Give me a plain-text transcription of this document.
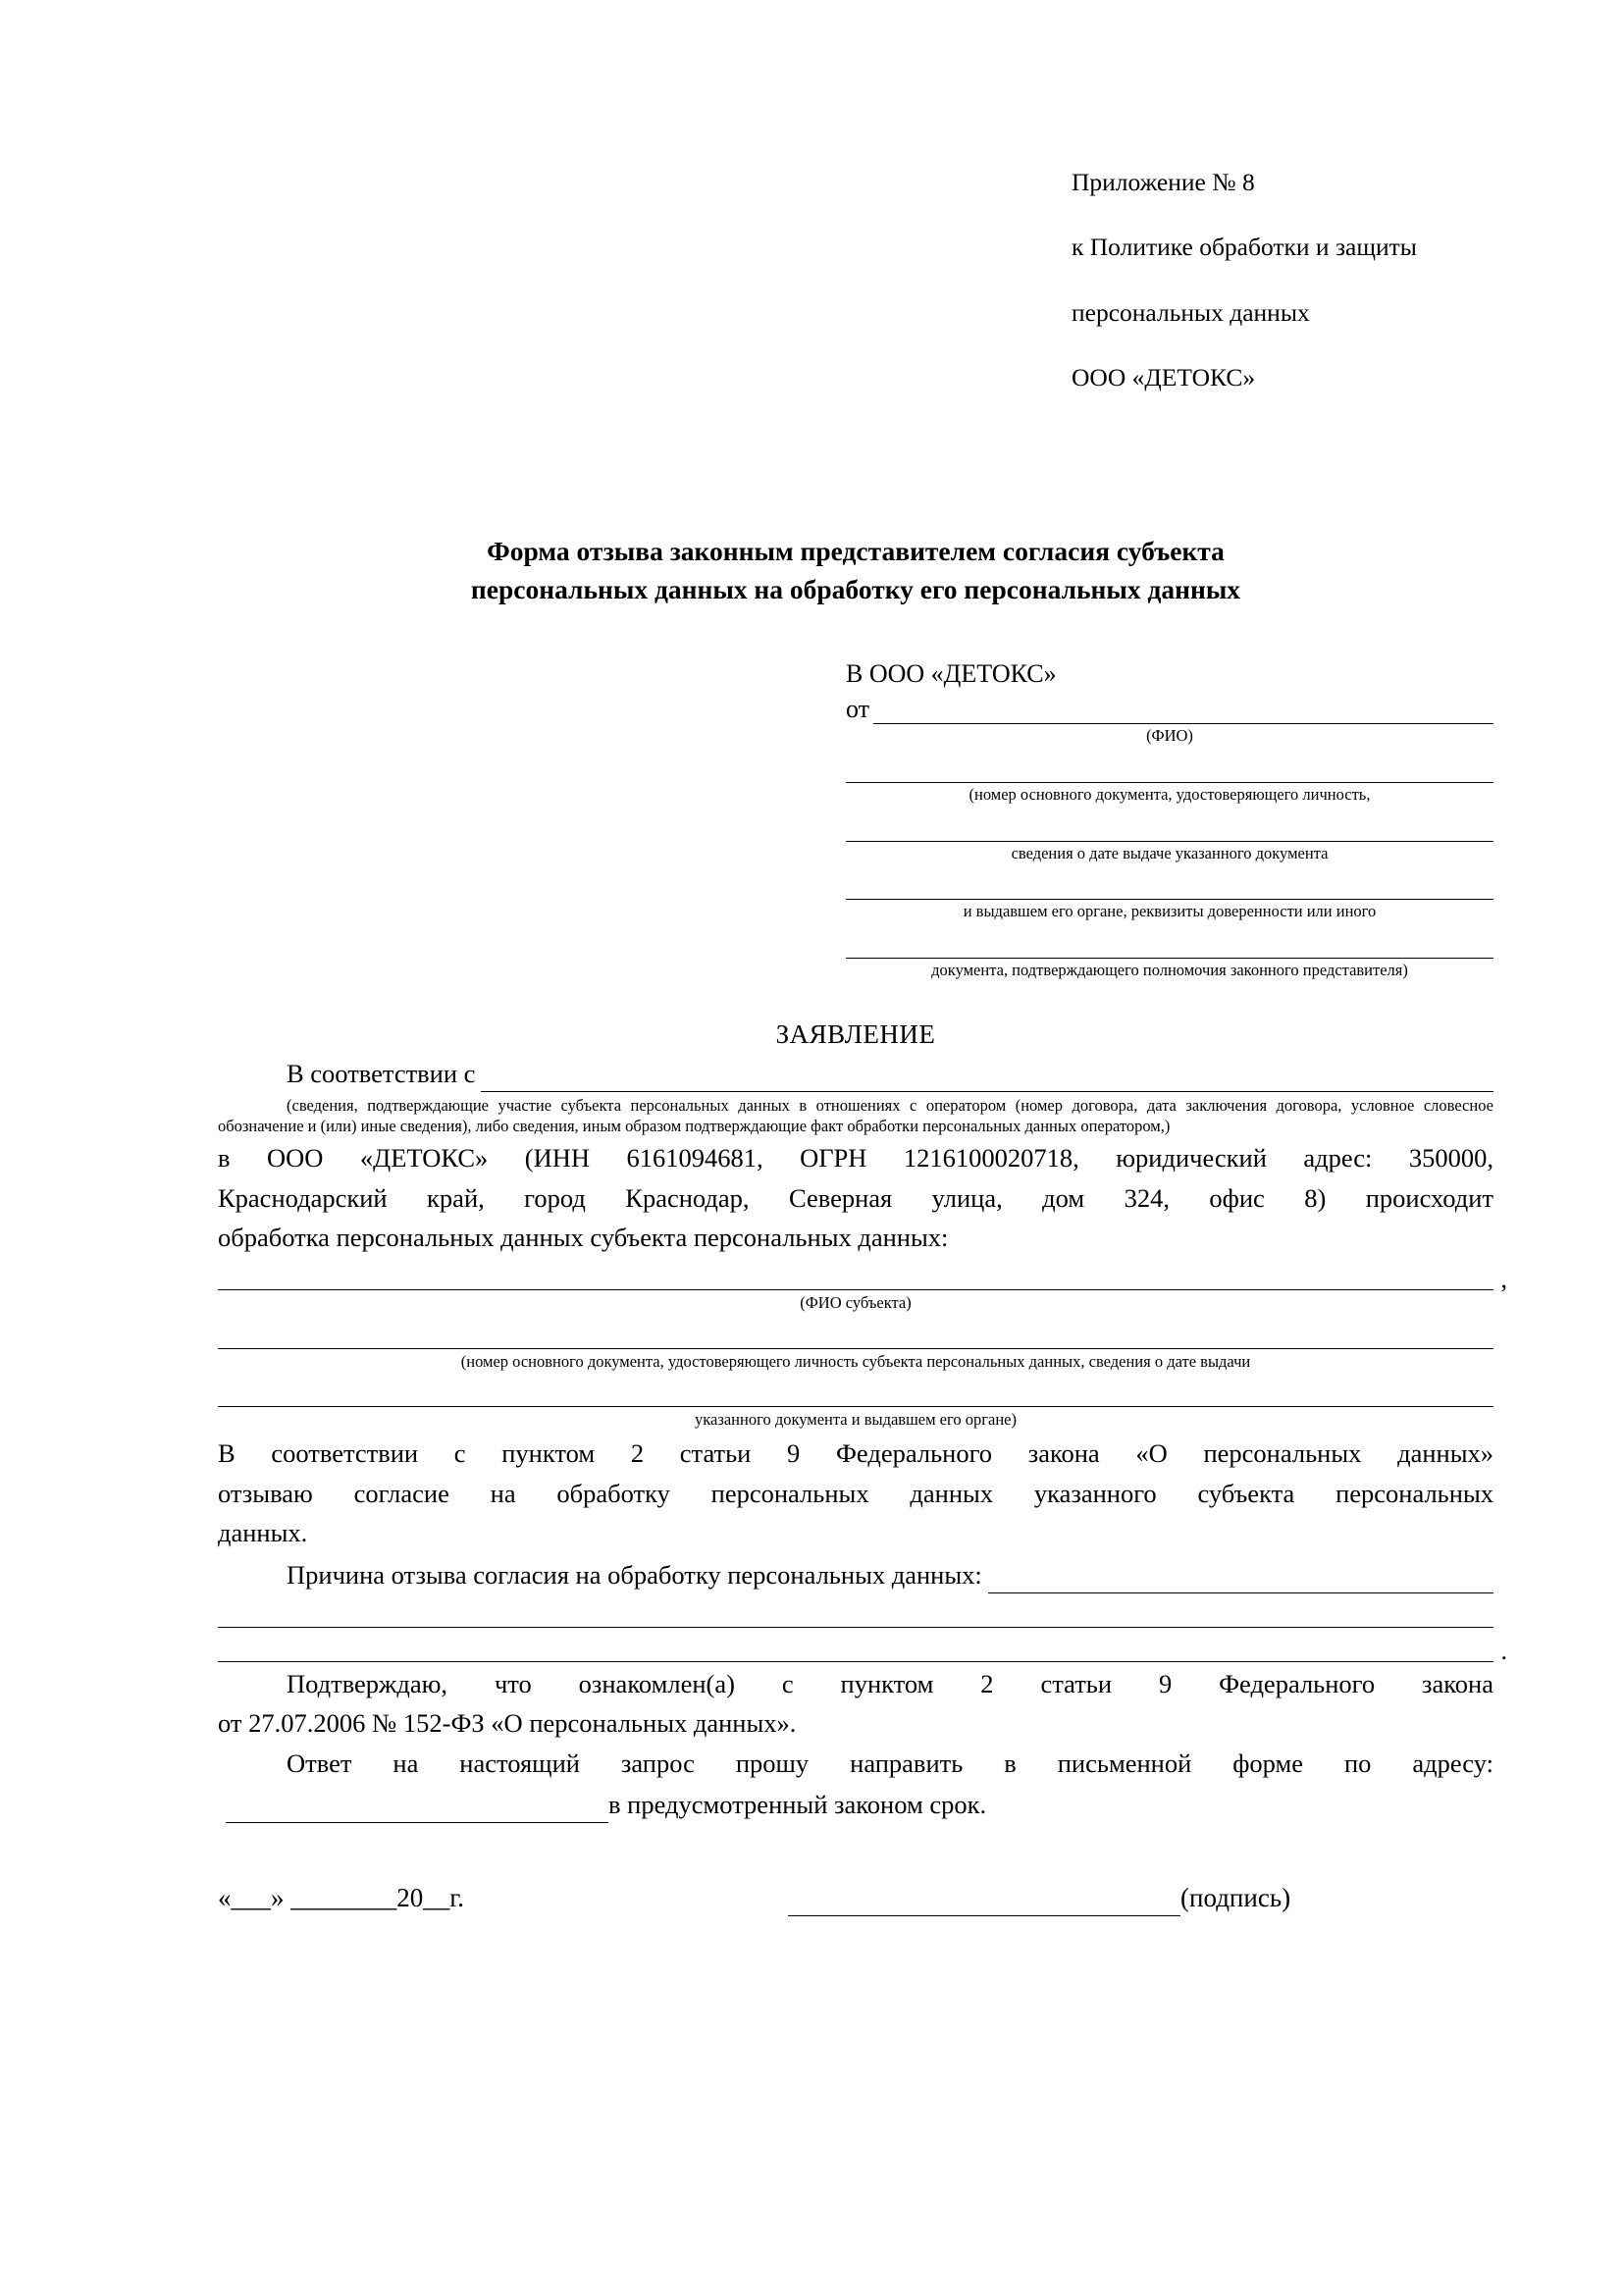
Приложение № 8

к Политике обработки и защиты

персональных данных

ООО «ДЕТОКС»

Форма отзыва законным представителем согласия субъекта
персональных данных на обработку его персональных данных
В ООО «ДЕТОКС»
от
(ФИО)
(номер основного документа, удостоверяющего личность,
сведения о дате выдаче указанного документа
и выдавшем его органе, реквизиты доверенности или иного
документа, подтверждающего полномочия законного представителя)
ЗАЯВЛЕНИЕ
В соответствии с
(сведения, подтверждающие участие субъекта персональных данных в отношениях с оператором (номер договора, дата заключения договора, условное словесное обозначение и (или) иные сведения), либо сведения, иным образом подтверждающие факт обработки персональных данных оператором,)
в ООО «ДЕТОКС» (ИНН 6161094681, ОГРН 1216100020718, юридический адрес: 350000,
Краснодарский край, город Краснодар, Северная улица, дом 324, офис 8) происходит
обработка персональных данных субъекта персональных данных:
,
(ФИО субъекта)
(номер основного документа, удостоверяющего личность субъекта персональных данных, сведения о дате выдачи
указанного документа и выдавшем его органе)
В соответствии с пунктом 2 статьи 9 Федерального закона «О персональных данных»
отзываю согласие на обработку персональных данных указанного субъекта персональных
данных.
Причина отзыва согласия на обработку персональных данных:
.
Подтверждаю, что ознакомлен(а) с пунктом 2 статьи 9 Федерального закона
от 27.07.2006 № 152-ФЗ «О персональных данных».
Ответ на настоящий запрос прошу направить в письменной форме по адресу:
в предусмотренный законом срок.
«___» ________20__г.	(подпись)
